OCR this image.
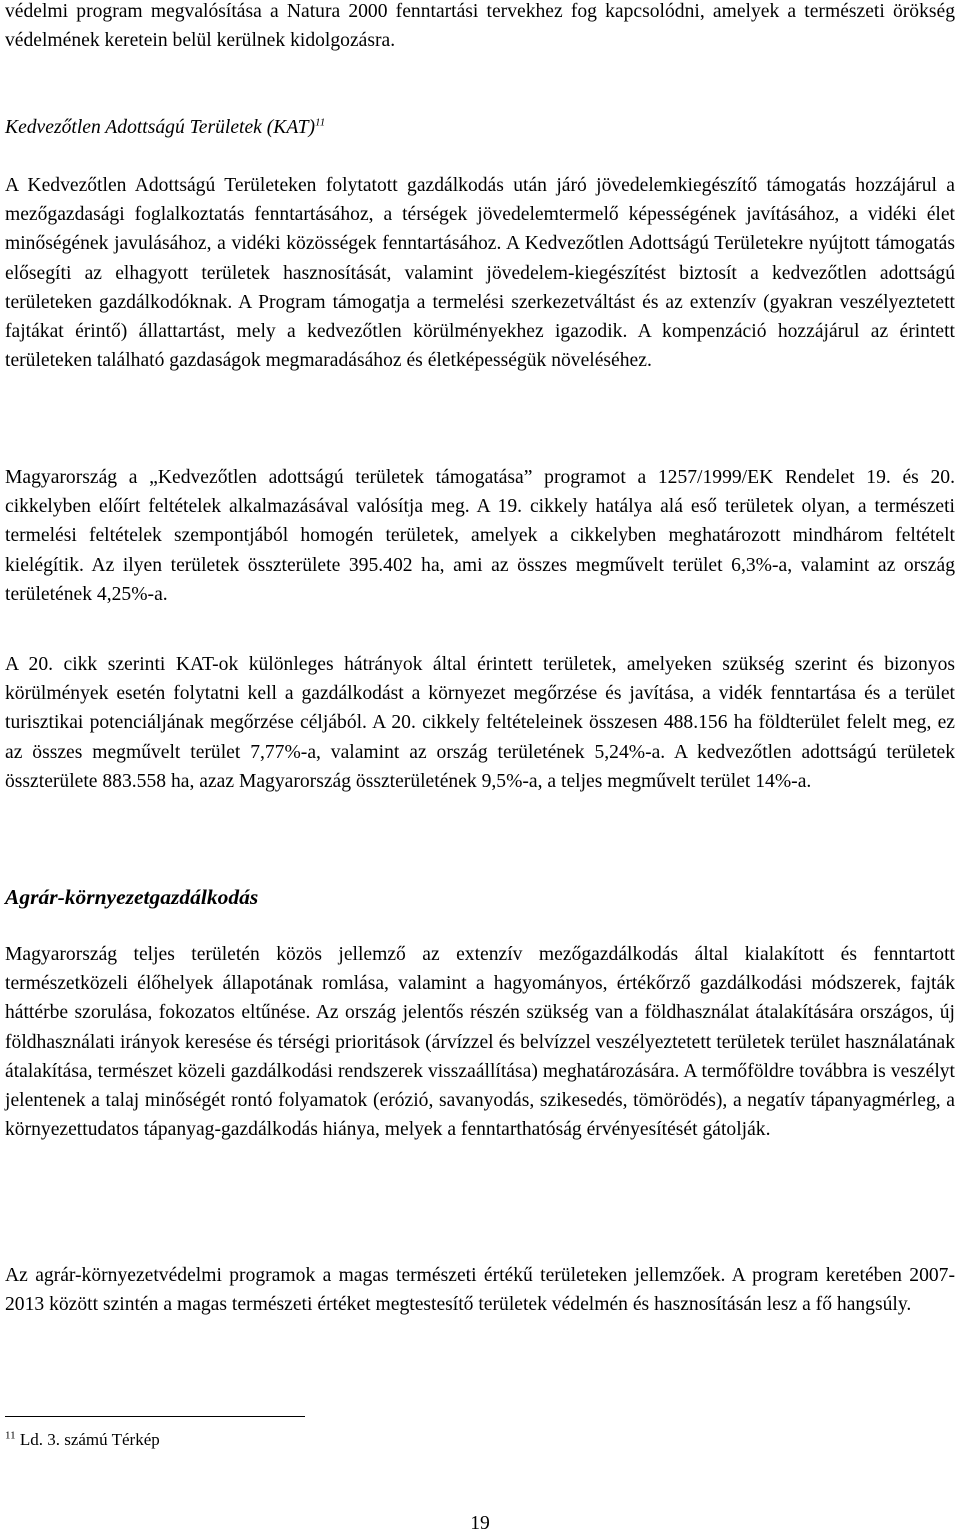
védelmi program megvalósítása a Natura 2000 fenntartási tervekhez fog kapcsolódni, amelyek a természeti örökség védelmének keretein belül kerülnek kidolgozásra.

Kedvezőtlen Adottságú Területek (KAT)$^{11}$

A Kedvezőtlen Adottságú Területeken folytatott gazdálkodás után járó jövedelemkiegészítő támogatás hozzájárul a mezőgazdasági foglalkoztatás fenntartásához, a térségek jövedelemtermelő képességének javításához, a vidéki élet minőségének javulásához, a vidéki közösségek fenntartásához. A Kedvezőtlen Adottságú Területekre nyújtott támogatás elősegíti az elhagyott területek hasznosítását, valamint jövedelem-kiegészítést biztosít a kedvezőtlen adottságú területeken gazdálkodóknak. A Program támogatja a termelési szerkezetváltást és az extenzív (gyakran veszélyeztetett fajtákat érintő) állattartást, mely a kedvezőtlen körülményekhez igazodik. A kompenzáció hozzájárul az érintett területeken található gazdaságok megmaradásához és életképességük növeléséhez.

Magyarország a „Kedvezőtlen adottságú területek támogatása” programot a 1257/1999/EK Rendelet 19. és 20. cikkelyben előírt feltételek alkalmazásával valósítja meg. A 19. cikkely hatálya alá eső területek olyan, a természeti termelési feltételek szempontjából homogén területek, amelyek a cikkelyben meghatározott mindhárom feltételt kielégítik. Az ilyen területek összterülete 395.402 ha, ami az összes megművelt terület 6,3%-a, valamint az ország területének 4,25%-a.

A 20. cikk szerinti KAT-ok különleges hátrányok által érintett területek, amelyeken szükség szerint és bizonyos körülmények esetén folytatni kell a gazdálkodást a környezet megőrzése és javítása, a vidék fenntartása és a terület turisztikai potenciáljának megőrzése céljából. A 20. cikkely feltételeinek összesen 488.156 ha földterület felelt meg, ez az összes megművelt terület 7,77%-a, valamint az ország területének 5,24%-a. A kedvezőtlen adottságú területek összterülete 883.558 ha, azaz Magyarország összterületének 9,5%-a, a teljes megművelt terület 14%-a.

Agrár-környezetgazdálkodás

Magyarország teljes területén közös jellemző az extenzív mezőgazdálkodás által kialakított és fenntartott természetközeli élőhelyek állapotának romlása, valamint a hagyományos, értékőrző gazdálkodási módszerek, fajták háttérbe szorulása, fokozatos eltűnése. Az ország jelentős részén szükség van a földhasználat átalakítására országos, új földhasználati irányok keresése és térségi prioritások (árvízzel és belvízzel veszélyeztetett területek terület használatának átalakítása, természet közeli gazdálkodási rendszerek visszaállítása) meghatározására. A termőföldre továbbra is veszélyt jelentenek a talaj minőségét rontó folyamatok (erózió, savanyodás, szikesedés, tömörödés), a negatív tápanyagmérleg, a környezettudatos tápanyag-gazdálkodás hiánya, melyek a fenntarthatóság érvényesítését gátolják.

Az agrár-környezetvédelmi programok a magas természeti értékű területeken jellemzőek. A program keretében 2007-2013 között szintén a magas természeti értéket megtestesítő területek védelmén és hasznosításán lesz a fő hangsúly.

$^{11}$ Ld. 3. számú Térkép
19
